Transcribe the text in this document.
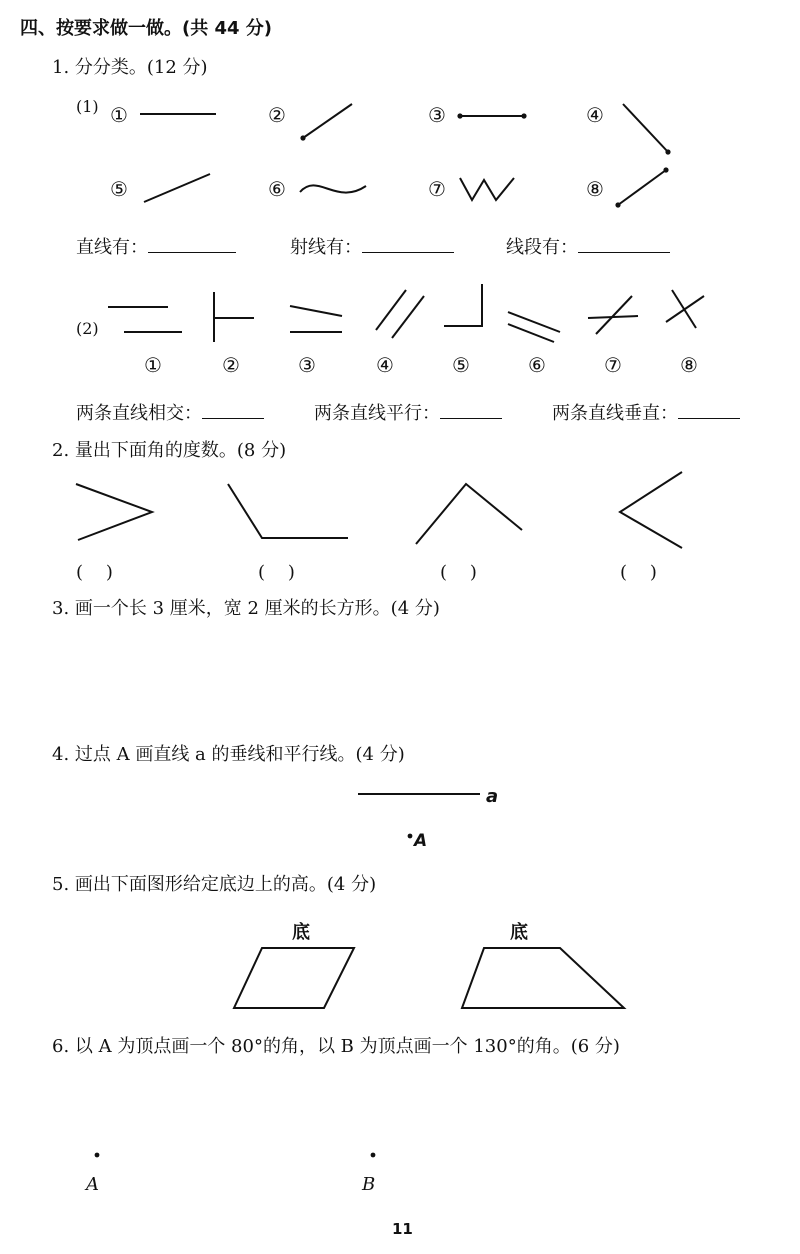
四、按要求做一做。(共 44 分)
1. 分分类。(12 分)
(1) ①	②	③	④
⑤	⑥	⑦	⑧
直线有：	射线有：	线段有：
(2)
①	②	③	④	⑤	⑥	⑦	⑧
两条直线相交：	两条直线平行：	两条直线垂直：
2. 量出下面角的度数。(8 分)
(    )	(    )	(    )	(    )
3. 画一个长 3 厘米，宽 2 厘米的长方形。(4 分)
4. 过点 A 画直线 a 的垂线和平行线。(4 分)
a
A
5. 画出下面图形给定底边上的高。(4 分)
底	底
6. 以 A 为顶点画一个 80°的角，以 B 为顶点画一个 130°的角。(6 分)
A	B
11
